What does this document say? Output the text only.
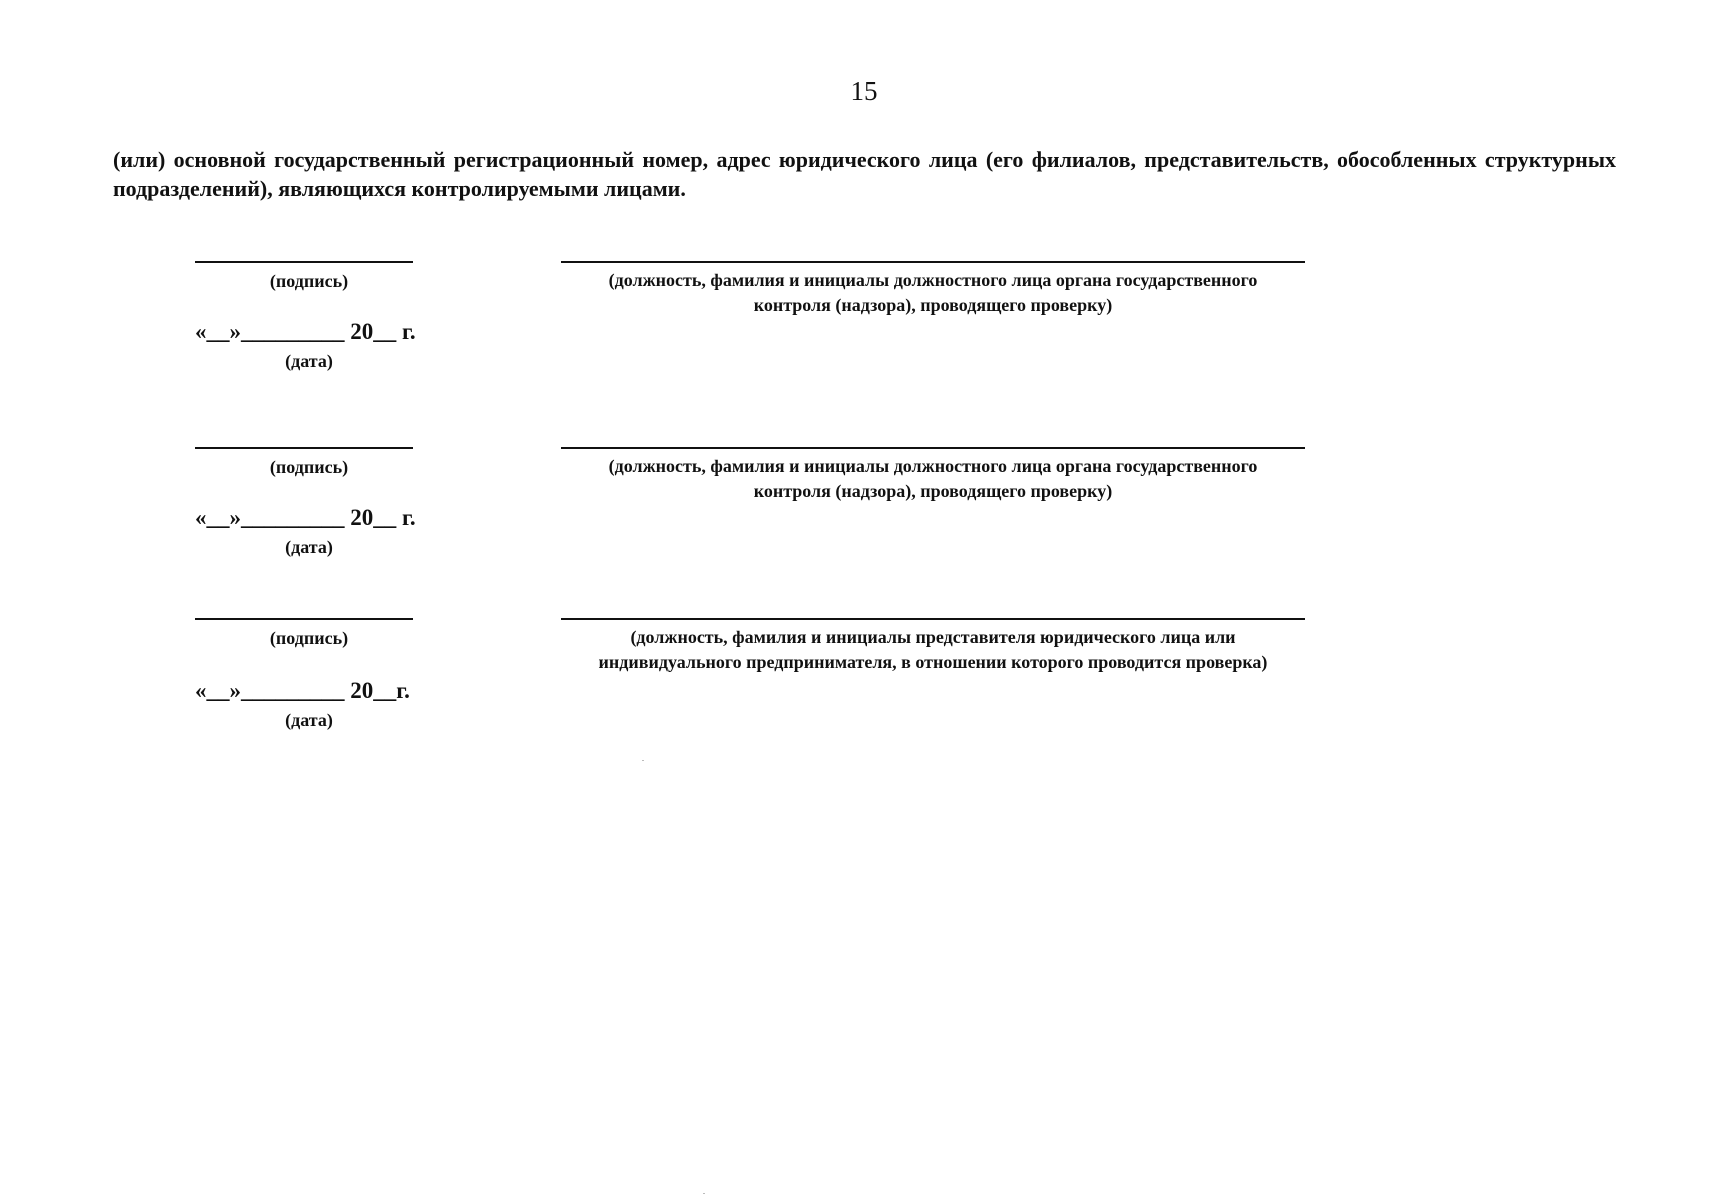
15
(или) основной государственный регистрационный номер, адрес юридического лица (его филиалов, представительств, обособленных структурных подразделений), являющихся контролируемыми лицами.
(подпись)	(должность, фамилия и инициалы должностного лица органа государственного
контроля (надзора), проводящего проверку)
«__»_________ 20__ г.
(дата)
(подпись)	(должность, фамилия и инициалы должностного лица органа государственного
контроля (надзора), проводящего проверку)
«__»_________ 20__ г.
(дата)
(подпись)	(должность, фамилия и инициалы представителя юридического лица или
индивидуального предпринимателя, в отношении которого проводится проверка)
«__»_________ 20__г.
(дата)
